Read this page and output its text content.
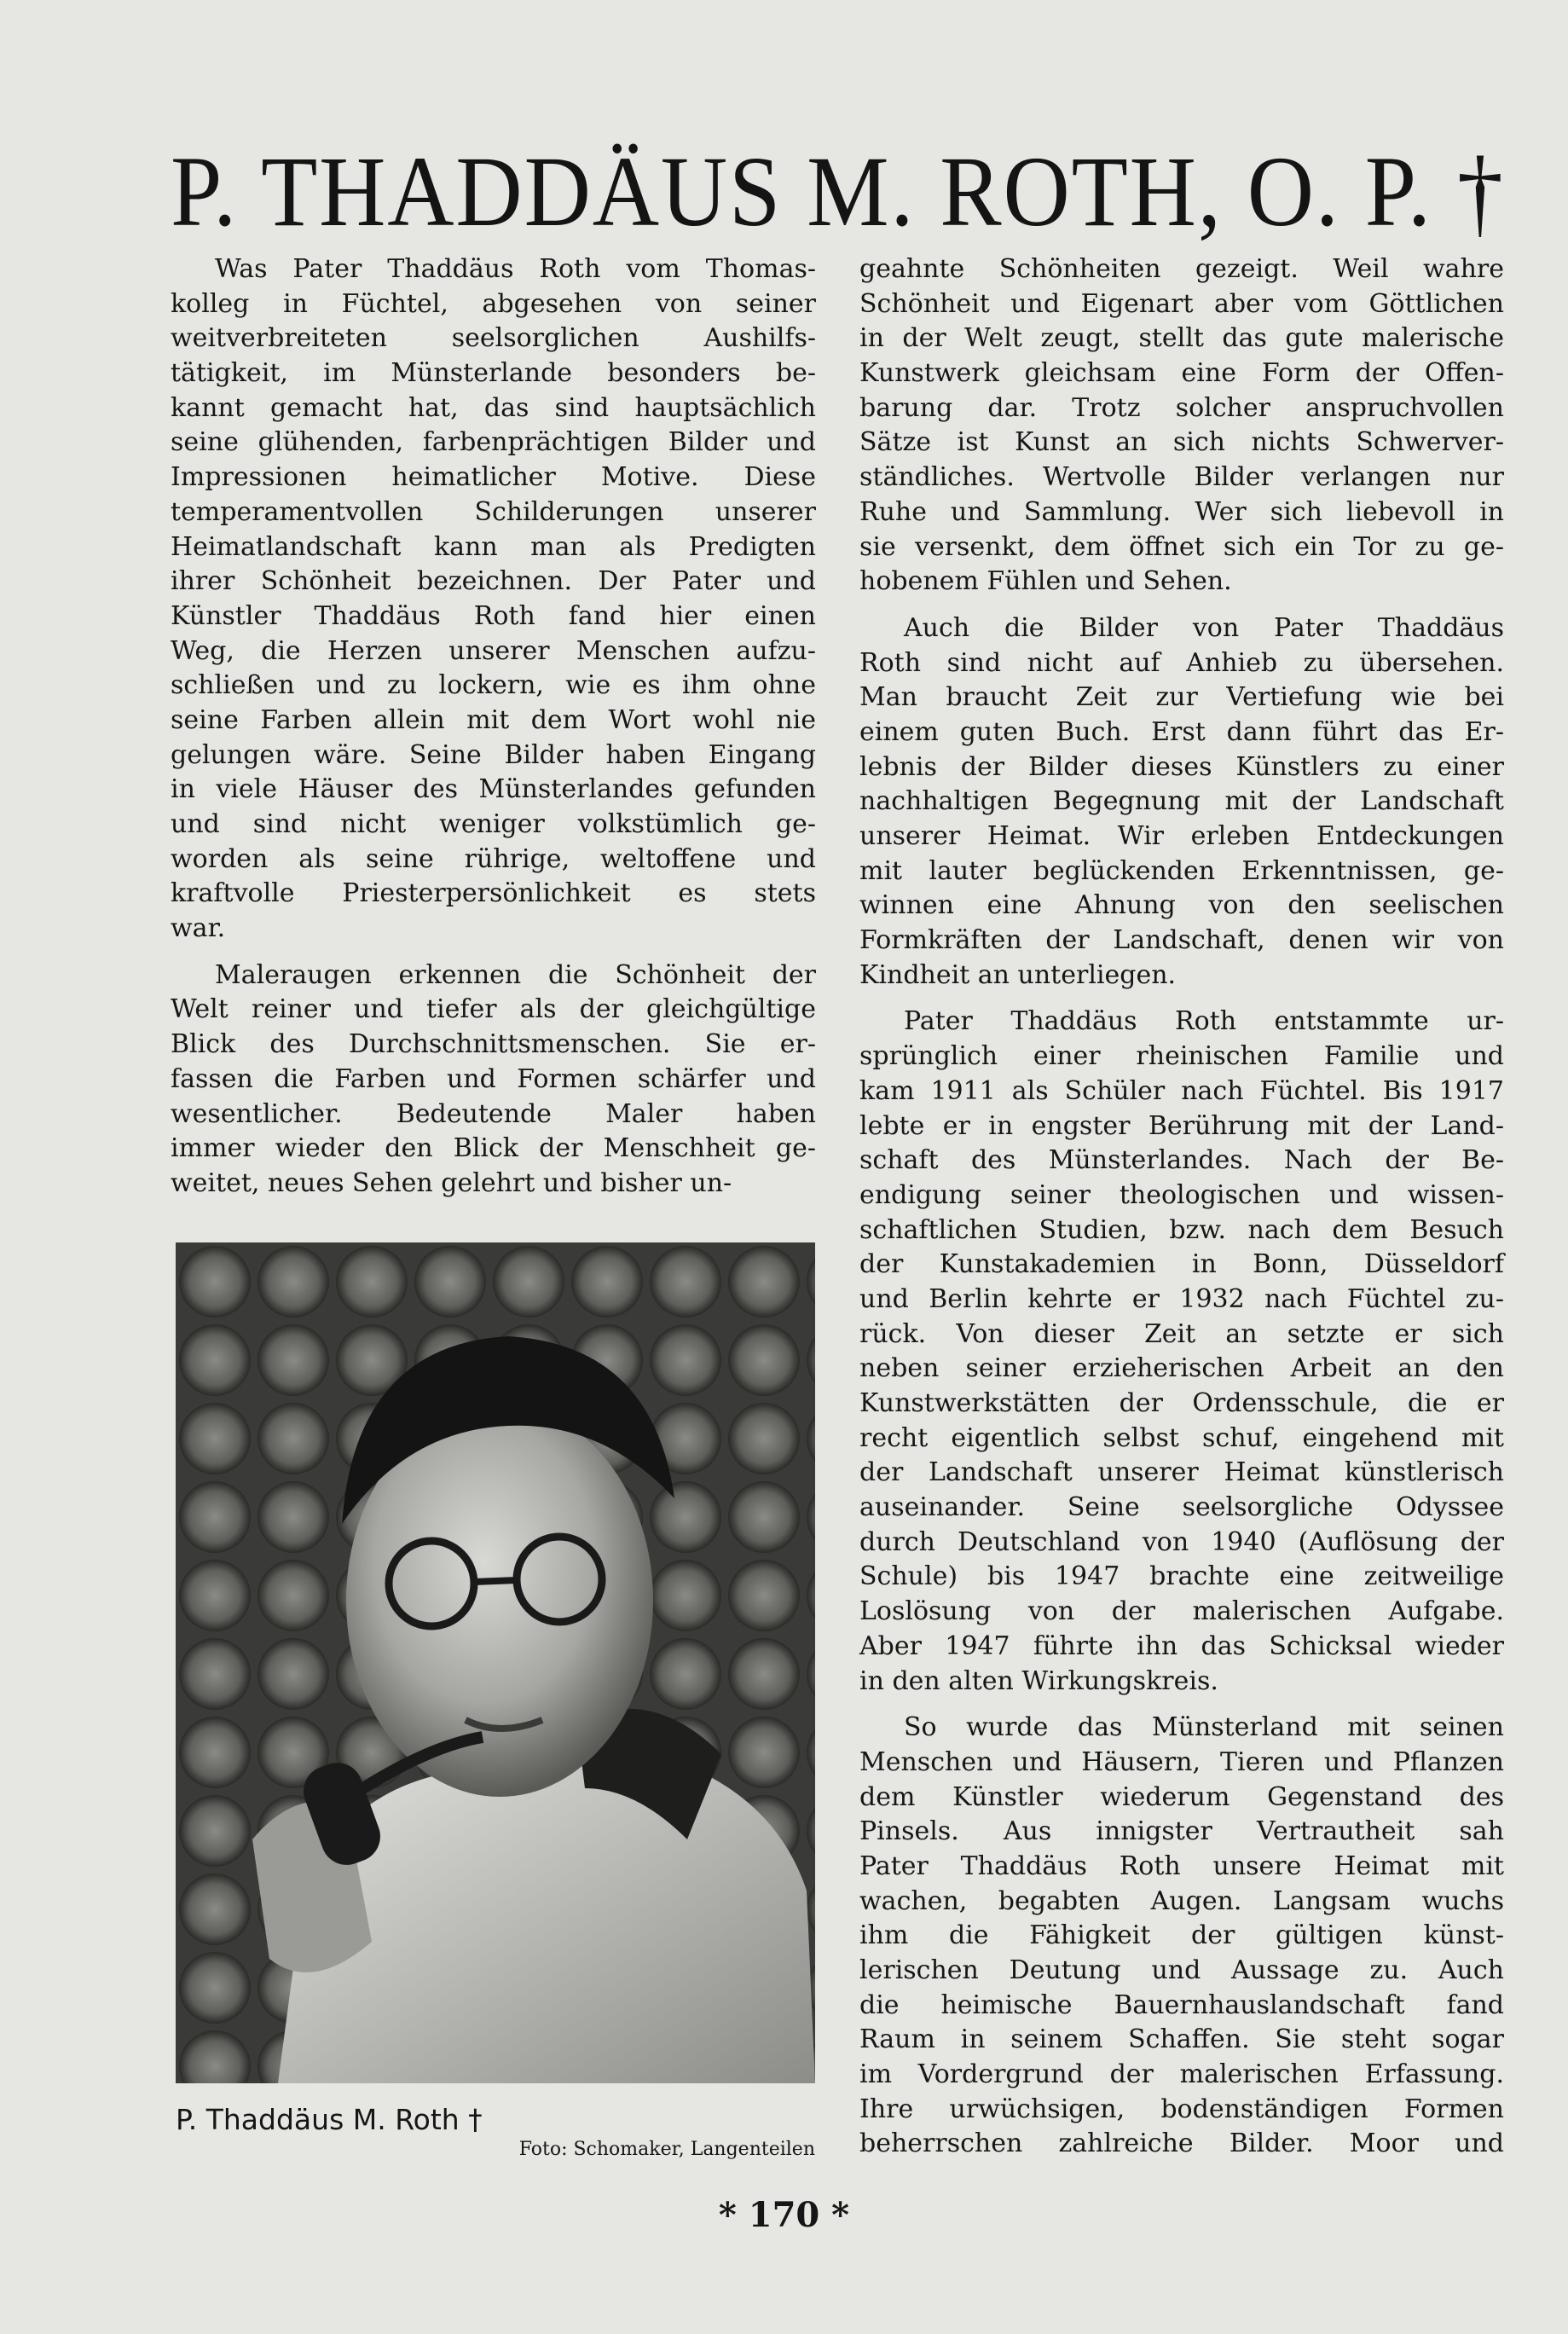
P. THADDÄUS M. ROTH, O. P. †
Was Pater Thaddäus Roth vom Thomas-
kolleg in Füchtel, abgesehen von seiner
weitverbreiteten seelsorglichen Aushilfs-
tätigkeit, im Münsterlande besonders be-
kannt gemacht hat, das sind hauptsächlich
seine glühenden, farbenprächtigen Bilder und
Impressionen heimatlicher Motive. Diese
temperamentvollen Schilderungen unserer
Heimatlandschaft kann man als Predigten
ihrer Schönheit bezeichnen. Der Pater und
Künstler Thaddäus Roth fand hier einen
Weg, die Herzen unserer Menschen aufzu-
schließen und zu lockern, wie es ihm ohne
seine Farben allein mit dem Wort wohl nie
gelungen wäre. Seine Bilder haben Eingang
in viele Häuser des Münsterlandes gefunden
und sind nicht weniger volkstümlich ge-
worden als seine rührige, weltoffene und
kraftvolle Priesterpersönlichkeit es stets
war.
Maleraugen erkennen die Schönheit der
Welt reiner und tiefer als der gleichgültige
Blick des Durchschnittsmenschen. Sie er-
fassen die Farben und Formen schärfer und
wesentlicher. Bedeutende Maler haben
immer wieder den Blick der Menschheit ge-
weitet, neues Sehen gelehrt und bisher un-
geahnte Schönheiten gezeigt. Weil wahre
Schönheit und Eigenart aber vom Göttlichen
in der Welt zeugt, stellt das gute malerische
Kunstwerk gleichsam eine Form der Offen-
barung dar. Trotz solcher anspruchvollen
Sätze ist Kunst an sich nichts Schwerver-
ständliches. Wertvolle Bilder verlangen nur
Ruhe und Sammlung. Wer sich liebevoll in
sie versenkt, dem öffnet sich ein Tor zu ge-
hobenem Fühlen und Sehen.
Auch die Bilder von Pater Thaddäus
Roth sind nicht auf Anhieb zu übersehen.
Man braucht Zeit zur Vertiefung wie bei
einem guten Buch. Erst dann führt das Er-
lebnis der Bilder dieses Künstlers zu einer
nachhaltigen Begegnung mit der Landschaft
unserer Heimat. Wir erleben Entdeckungen
mit lauter beglückenden Erkenntnissen, ge-
winnen eine Ahnung von den seelischen
Formkräften der Landschaft, denen wir von
Kindheit an unterliegen.
Pater Thaddäus Roth entstammte ur-
sprünglich einer rheinischen Familie und
kam 1911 als Schüler nach Füchtel. Bis 1917
lebte er in engster Berührung mit der Land-
schaft des Münsterlandes. Nach der Be-
endigung seiner theologischen und wissen-
schaftlichen Studien, bzw. nach dem Besuch
der Kunstakademien in Bonn, Düsseldorf
und Berlin kehrte er 1932 nach Füchtel zu-
rück. Von dieser Zeit an setzte er sich
neben seiner erzieherischen Arbeit an den
Kunstwerkstätten der Ordensschule, die er
recht eigentlich selbst schuf, eingehend mit
der Landschaft unserer Heimat künstlerisch
auseinander. Seine seelsorgliche Odyssee
durch Deutschland von 1940 (Auflösung der
Schule) bis 1947 brachte eine zeitweilige
Loslösung von der malerischen Aufgabe.
Aber 1947 führte ihn das Schicksal wieder
in den alten Wirkungskreis.
So wurde das Münsterland mit seinen
Menschen und Häusern, Tieren und Pflanzen
dem Künstler wiederum Gegenstand des
Pinsels. Aus innigster Vertrautheit sah
Pater Thaddäus Roth unsere Heimat mit
wachen, begabten Augen. Langsam wuchs
ihm die Fähigkeit der gültigen künst-
lerischen Deutung und Aussage zu. Auch
die heimische Bauernhauslandschaft fand
Raum in seinem Schaffen. Sie steht sogar
im Vordergrund der malerischen Erfassung.
Ihre urwüchsigen, bodenständigen Formen
beherrschen zahlreiche Bilder. Moor und
P. Thaddäus M. Roth †
Foto: Schomaker, Langenteilen
* 170 *
